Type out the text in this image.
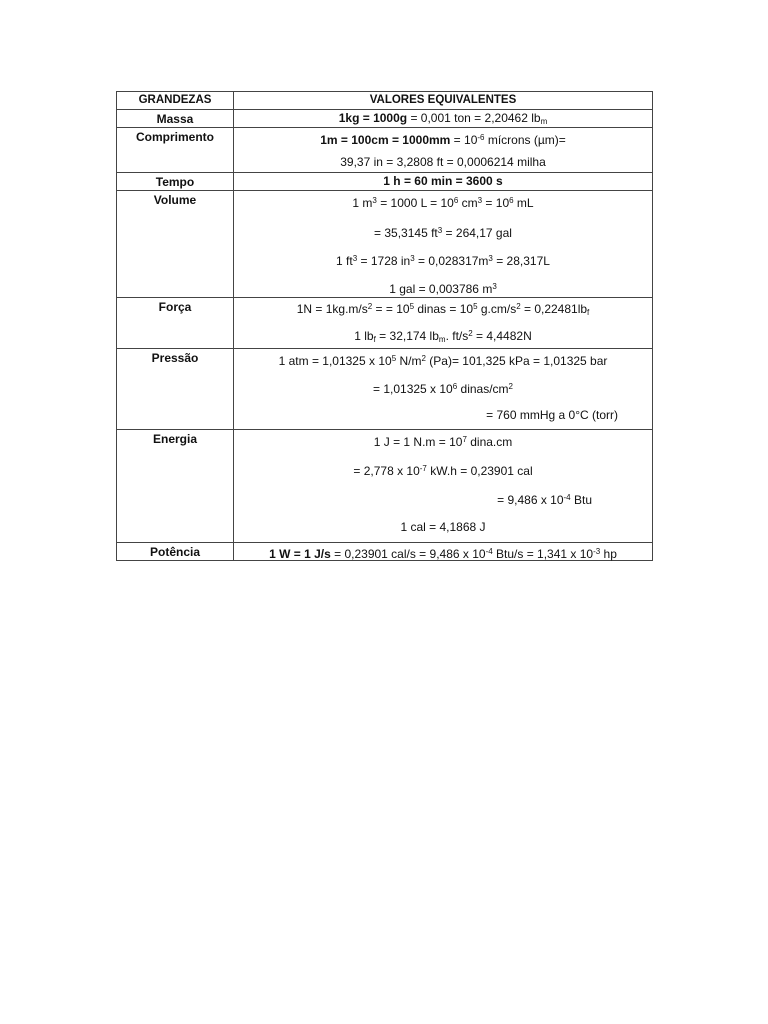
GRANDEZAS	VALORES EQUIVALENTES
Massa	1kg = 1000g = 0,001 ton = 2,20462 $lb_m$

Comprimento	$1m = 100cm = 1000mm = 10^{-6}$ mícrons (µm)=
39,37 in = 3,2808 ft = 0,0006214 milha

Tempo	1 h = 60 min = 3600 s

Volume	1 $m^3 = 1000$ $L = 10^6$ $cm^3 = 10^6$ mL
= 35,3145 $ft^3 = 264,17$ gal
1 $ft^3 = 1728$ $in^3 = 0,028317m^3 = 28,317L$
1 gal = 0,003786 $m^3$

Força	$1N = 1kg.m/s^2$ = = $10^5$ dinas = $10^5$ $g.cm/s^2 = 0,22481lb_f$
1 $lb_f = 32,174$ $lb_m$. $ft/s^2 = 4,4482N$

Pressão	1 atm = 1,01325 x $10^5$ $N/m^2$ (Pa)= 101,325 kPa = 1,01325 bar
= 1,01325 x $10^6$ dinas/$cm^2$
= 760 mmHg a 0°C (torr)

Energia	1 J = 1 $N.m = 10^7$ dina.cm
= 2,778 x $10^{-7}$ kW.h = 0,23901 cal
= 9,486 x $10^{-4}$ Btu
1 cal = 4,1868 J

Potência	1 W = 1 J/s = 0,23901 cal/s = 9,486 x $10^{-4}$ Btu/s = 1,341 x $10^{-3}$ hp
